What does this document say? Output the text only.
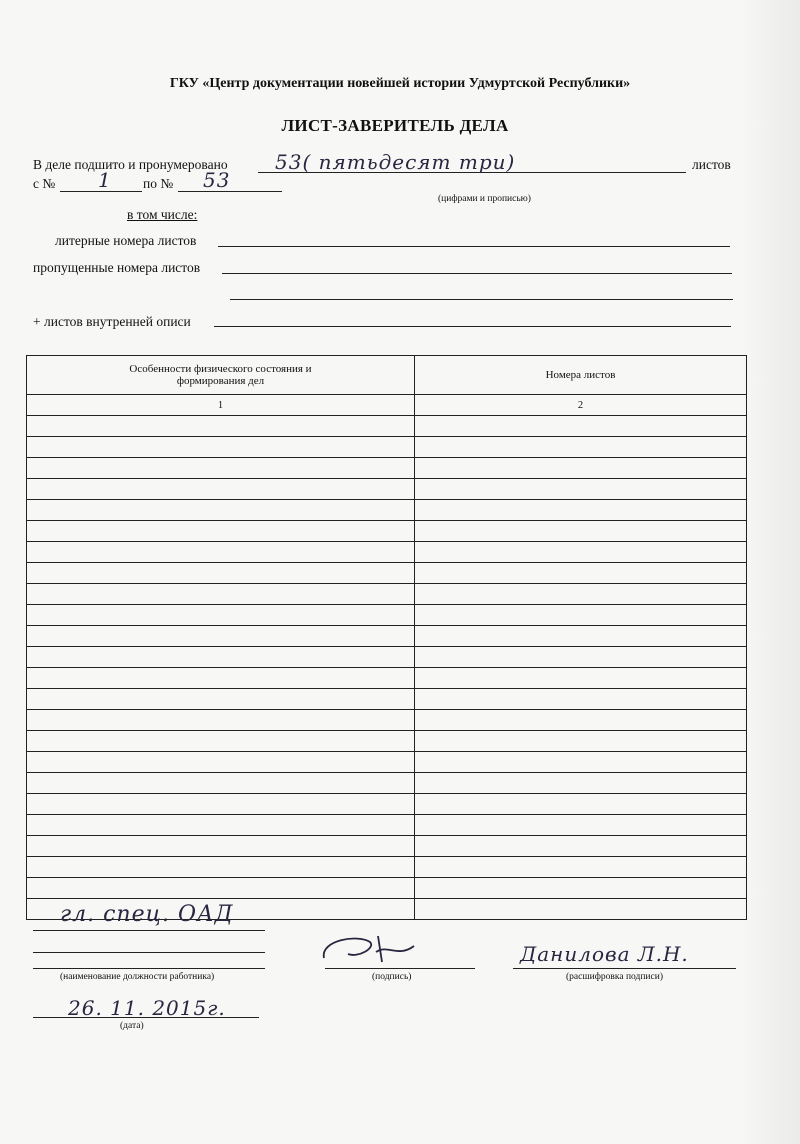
ГКУ «Центр документации новейшей истории Удмуртской Республики»
ЛИСТ-ЗАВЕРИТЕЛЬ ДЕЛА
В деле подшито и пронумеровано 53( пятьдесят три)	листов
с № 1 по № 53
(цифрами и прописью)
в том числе:
литерные номера листов
пропущенные номера листов
+ листов внутренней описи
Особенности физического состояния и формирования дел	Номера листов
1	2

гл. спец. ОАД
(наименование должности работника)	(подпись)
Данилова Л.Н.
(расшифровка подписи)
26. 11. 2015г.
(дата)
